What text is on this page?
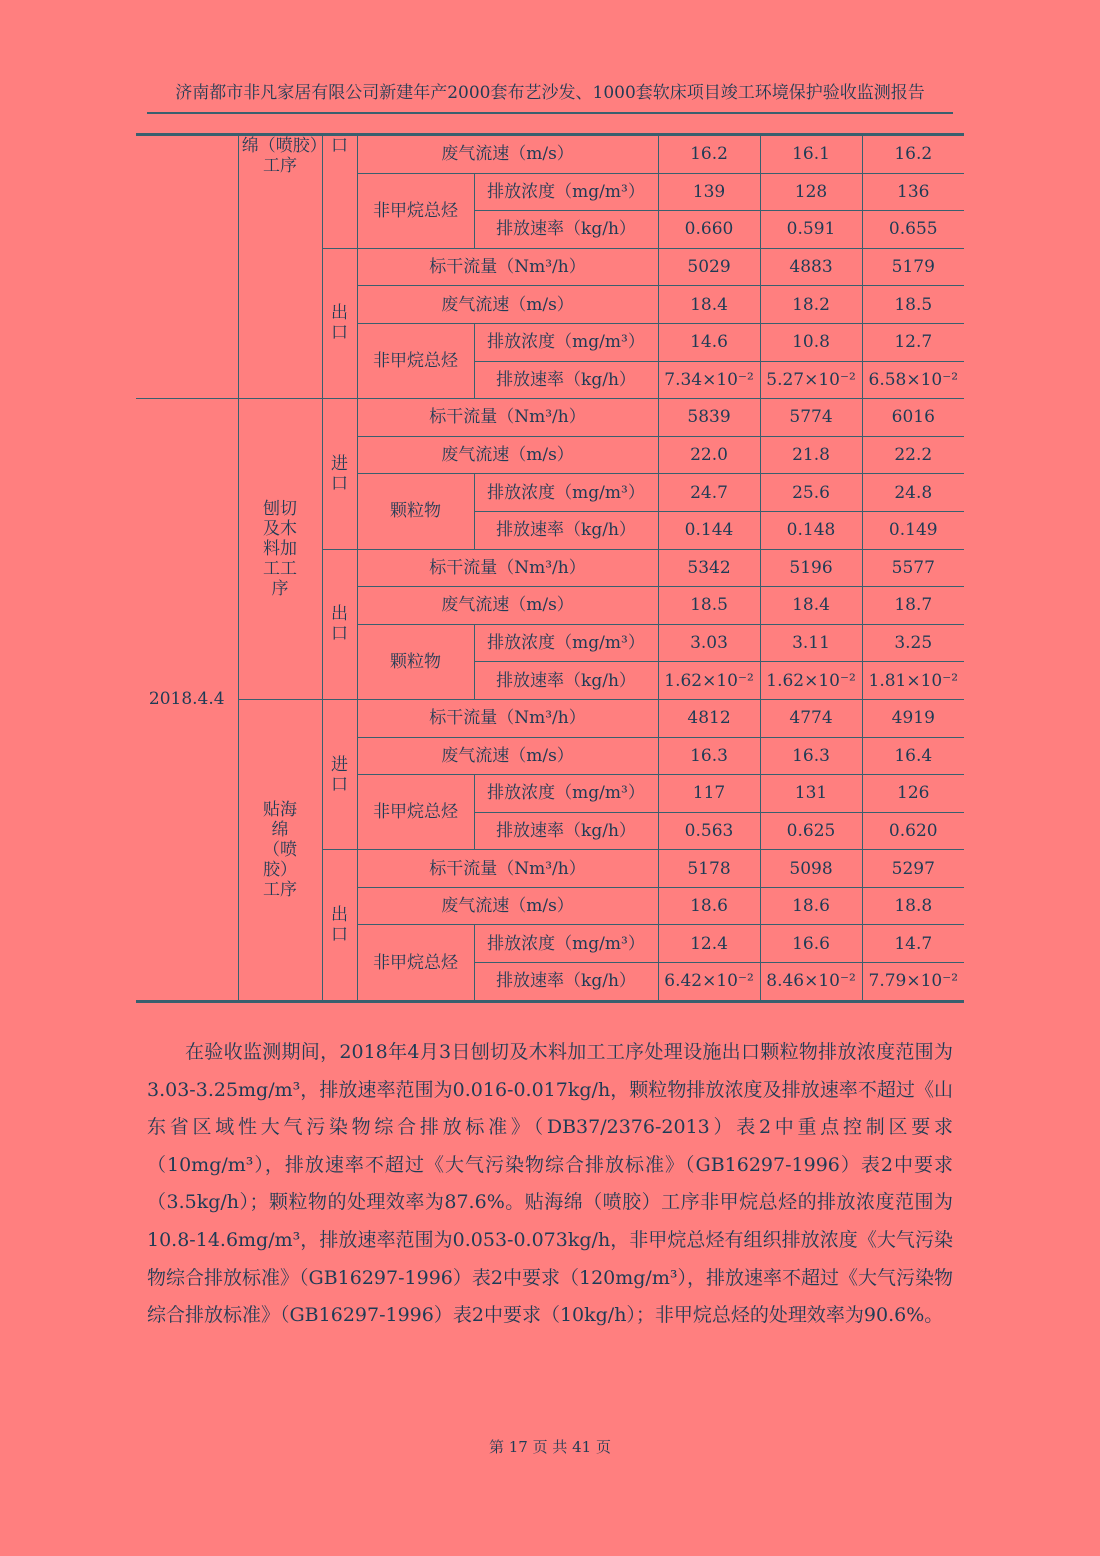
济南都市非凡家居有限公司新建年产2000套布艺沙发、1000套软床项目竣工环境保护验收监测报告
	绵（喷胶）工序	口	废气流速（m/s）		16.2	16.1	16.2
			非甲烷总烃	排放浓度（mg/m³）	139	128	136
				排放速率（kg/h）	0.660	0.591	0.655
		出口	标干流量（Nm³/h）		5029	4883	5179
			废气流速（m/s）		18.4	18.2	18.5
			非甲烷总烃	排放浓度（mg/m³）	14.6	10.8	12.7
				排放速率（kg/h）	7.34×10⁻²	5.27×10⁻²	6.58×10⁻²
2018.4.4	刨切及木料加工工序	进口	标干流量（Nm³/h）		5839	5774	6016
			废气流速（m/s）		22.0	21.8	22.2
			颗粒物	排放浓度（mg/m³）	24.7	25.6	24.8
				排放速率（kg/h）	0.144	0.148	0.149
		出口	标干流量（Nm³/h）		5342	5196	5577
			废气流速（m/s）		18.5	18.4	18.7
			颗粒物	排放浓度（mg/m³）	3.03	3.11	3.25
				排放速率（kg/h）	1.62×10⁻²	1.62×10⁻²	1.81×10⁻²
	贴海绵（喷胶）工序	进口	标干流量（Nm³/h）		4812	4774	4919
			废气流速（m/s）		16.3	16.3	16.4
			非甲烷总烃	排放浓度（mg/m³）	117	131	126
				排放速率（kg/h）	0.563	0.625	0.620
		出口	标干流量（Nm³/h）		5178	5098	5297
			废气流速（m/s）		18.6	18.6	18.8
			非甲烷总烃	排放浓度（mg/m³）	12.4	16.6	14.7
				排放速率（kg/h）	6.42×10⁻²	8.46×10⁻²	7.79×10⁻²

在验收监测期间，2018年4月3日刨切及木料加工工序处理设施出口颗粒物排放浓度范围为3.03-3.25mg/m³，排放速率范围为0.016-0.017kg/h，颗粒物排放浓度及排放速率不超过《山东省区域性大气污染物综合排放标准》（DB37/2376-2013）表2中重点控制区要求（10mg/m³），排放速率不超过《大气污染物综合排放标准》（GB16297-1996）表2中要求（3.5kg/h）；颗粒物的处理效率为87.6%。贴海绵（喷胶）工序非甲烷总烃的排放浓度范围为10.8-14.6mg/m³，排放速率范围为0.053-0.073kg/h，非甲烷总烃有组织排放浓度《大气污染物综合排放标准》（GB16297-1996）表2中要求（120mg/m³），排放速率不超过《大气污染物综合排放标准》（GB16297-1996）表2中要求（10kg/h）；非甲烷总烃的处理效率为90.6%。

第 17 页 共 41 页
